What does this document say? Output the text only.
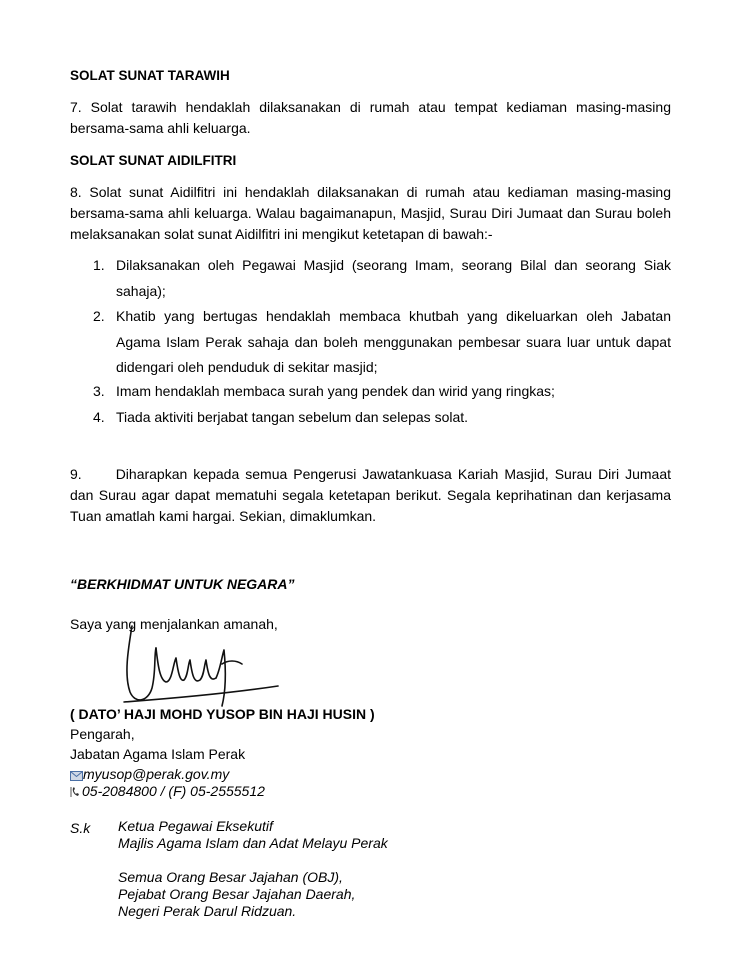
SOLAT SUNAT TARAWIH
7. Solat tarawih hendaklah dilaksanakan di rumah atau tempat kediaman masing-masing bersama-sama ahli keluarga.
SOLAT SUNAT AIDILFITRI
8. Solat sunat Aidilfitri ini hendaklah dilaksanakan di rumah atau kediaman masing-masing bersama-sama ahli keluarga. Walau bagaimanapun, Masjid, Surau Diri Jumaat dan Surau boleh melaksanakan solat sunat Aidilfitri ini mengikut ketetapan di bawah:-
1. Dilaksanakan oleh Pegawai Masjid (seorang Imam, seorang Bilal dan seorang Siak sahaja);
2. Khatib yang bertugas hendaklah membaca khutbah yang dikeluarkan oleh Jabatan Agama Islam Perak sahaja dan boleh menggunakan pembesar suara luar untuk dapat didengari oleh penduduk di sekitar masjid;
3. Imam hendaklah membaca surah yang pendek dan wirid yang ringkas;
4. Tiada aktiviti berjabat tangan sebelum dan selepas solat.
9. Diharapkan kepada semua Pengerusi Jawatankuasa Kariah Masjid, Surau Diri Jumaat
dan Surau agar dapat mematuhi segala ketetapan berikut. Segala keprihatinan dan kerjasama Tuan amatlah kami hargai. Sekian, dimaklumkan.
“BERKHIDMAT UNTUK NEGARA”
Saya yang menjalankan amanah,
( DATO’ HAJI MOHD YUSOP BIN HAJI HUSIN )
Pengarah,
Jabatan Agama Islam Perak
myusop@perak.gov.my
05-2084800 / (F) 05-2555512
S.k Ketua Pegawai Eksekutif
Majlis Agama Islam dan Adat Melayu Perak
Semua Orang Besar Jajahan (OBJ),
Pejabat Orang Besar Jajahan Daerah,
Negeri Perak Darul Ridzuan.
